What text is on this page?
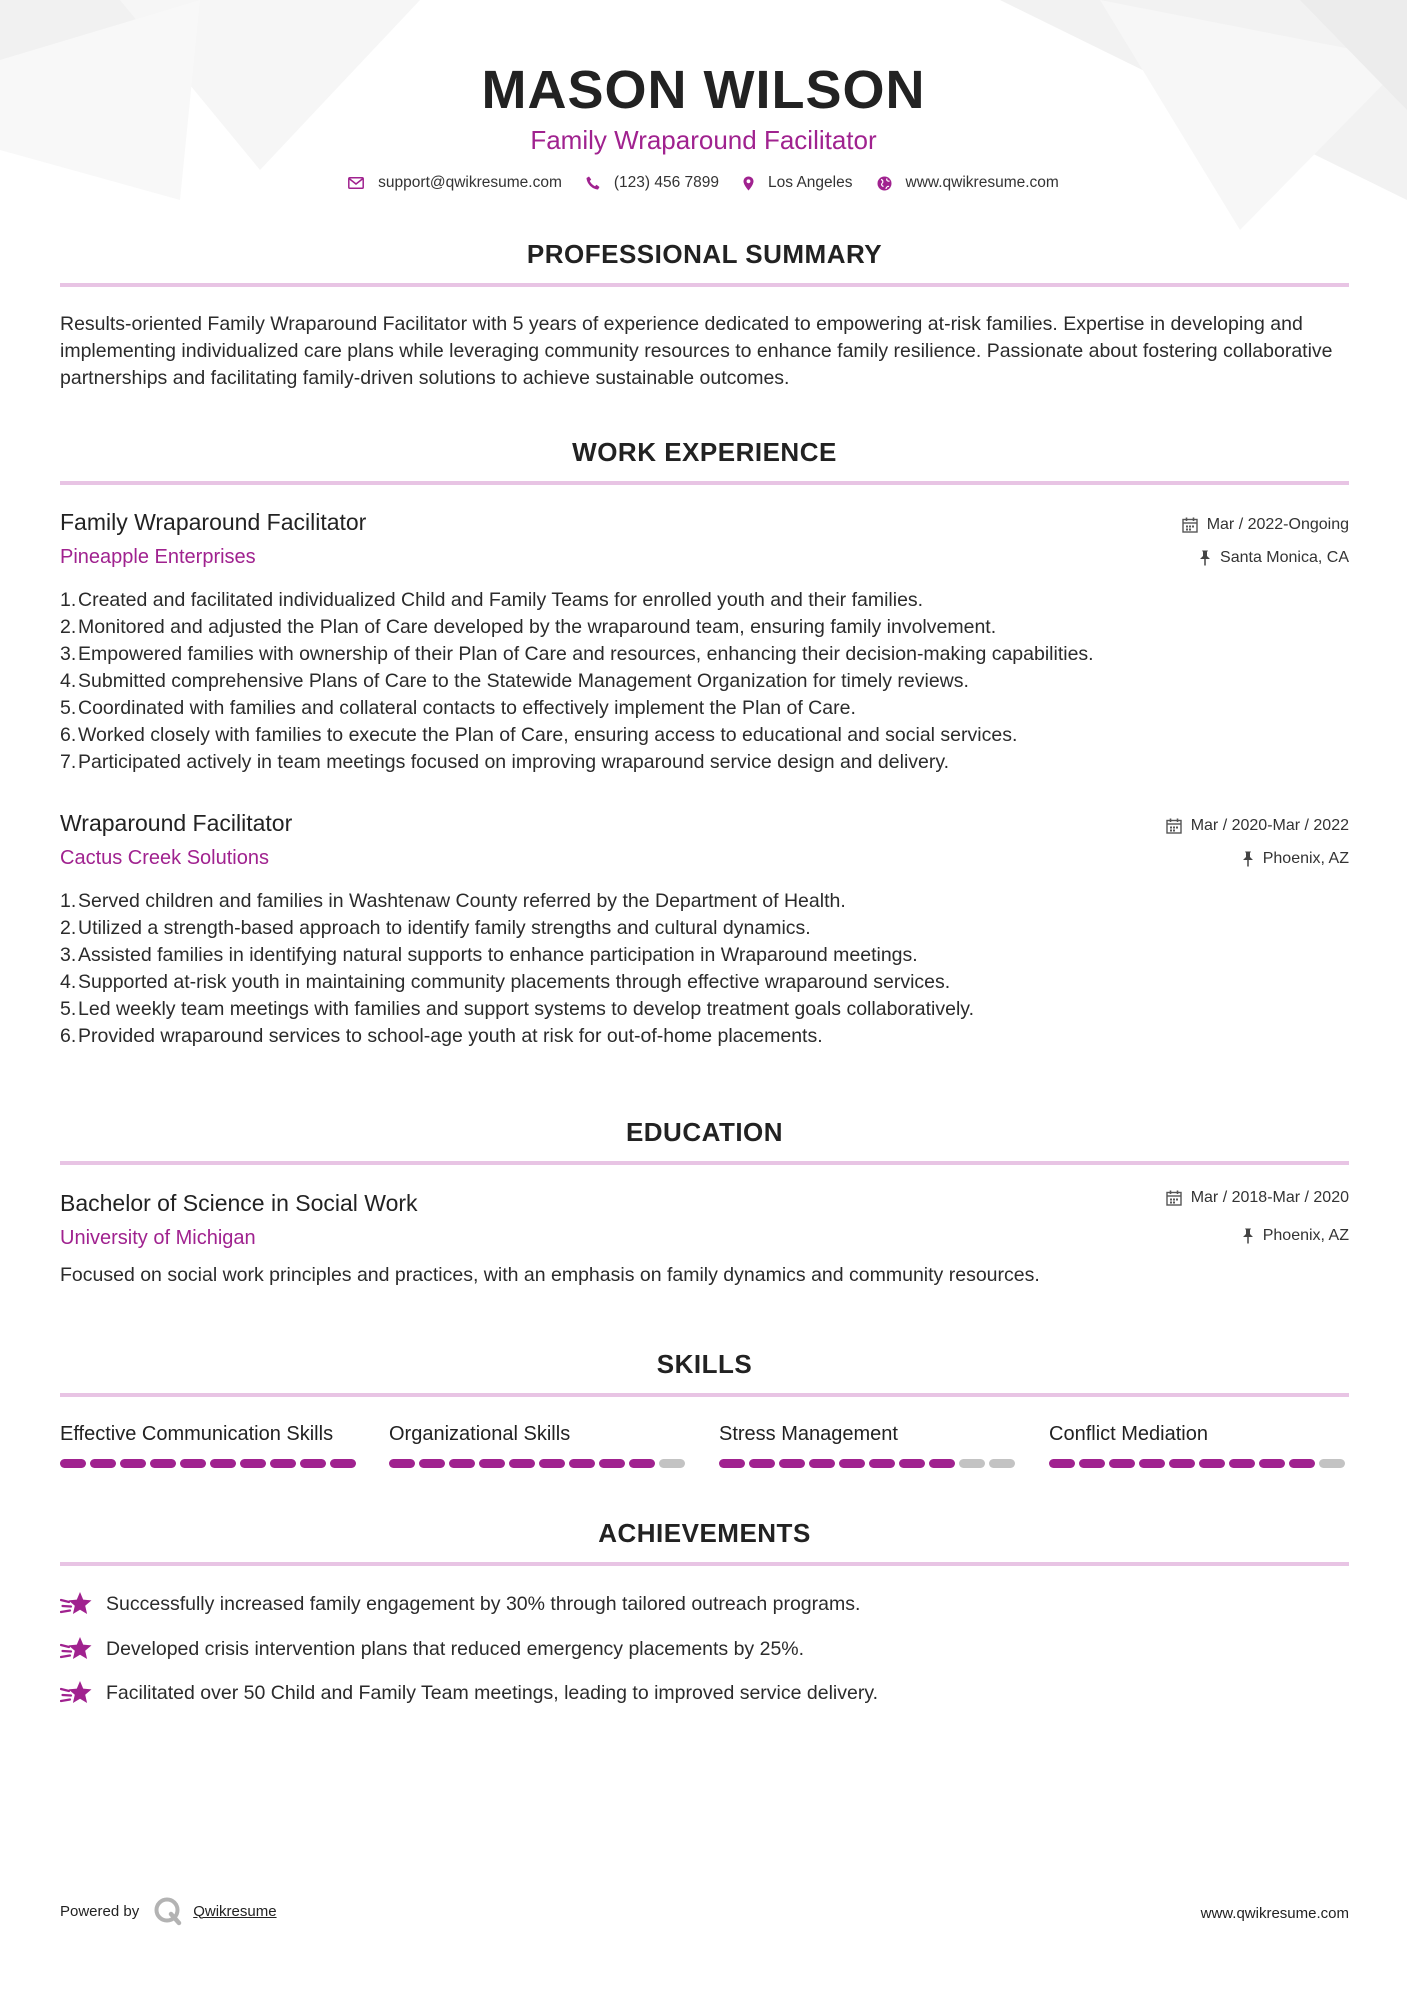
MASON WILSON
Family Wraparound Facilitator
support@qwikresume.com	(123) 456 7899	Los Angeles	www.qwikresume.com
PROFESSIONAL SUMMARY
Results-oriented Family Wraparound Facilitator with 5 years of experience dedicated to empowering at-risk families. Expertise in developing and implementing individualized care plans while leveraging community resources to enhance family resilience. Passionate about fostering collaborative partnerships and facilitating family-driven solutions to achieve sustainable outcomes.
WORK EXPERIENCE
Family Wraparound Facilitator
Pineapple Enterprises
Mar / 2022-Ongoing
Santa Monica, CA
1. Created and facilitated individualized Child and Family Teams for enrolled youth and their families.
2. Monitored and adjusted the Plan of Care developed by the wraparound team, ensuring family involvement.
3. Empowered families with ownership of their Plan of Care and resources, enhancing their decision-making capabilities.
4. Submitted comprehensive Plans of Care to the Statewide Management Organization for timely reviews.
5. Coordinated with families and collateral contacts to effectively implement the Plan of Care.
6. Worked closely with families to execute the Plan of Care, ensuring access to educational and social services.
7. Participated actively in team meetings focused on improving wraparound service design and delivery.
Wraparound Facilitator
Cactus Creek Solutions
Mar / 2020-Mar / 2022
Phoenix, AZ
1. Served children and families in Washtenaw County referred by the Department of Health.
2. Utilized a strength-based approach to identify family strengths and cultural dynamics.
3. Assisted families in identifying natural supports to enhance participation in Wraparound meetings.
4. Supported at-risk youth in maintaining community placements through effective wraparound services.
5. Led weekly team meetings with families and support systems to develop treatment goals collaboratively.
6. Provided wraparound services to school-age youth at risk for out-of-home placements.
EDUCATION
Bachelor of Science in Social Work
University of Michigan
Mar / 2018-Mar / 2020
Phoenix, AZ
Focused on social work principles and practices, with an emphasis on family dynamics and community resources.
SKILLS
Effective Communication Skills	Organizational Skills	Stress Management	Conflict Mediation
ACHIEVEMENTS
Successfully increased family engagement by 30% through tailored outreach programs.
Developed crisis intervention plans that reduced emergency placements by 25%.
Facilitated over 50 Child and Family Team meetings, leading to improved service delivery.
Powered by	Qwikresume	www.qwikresume.com
